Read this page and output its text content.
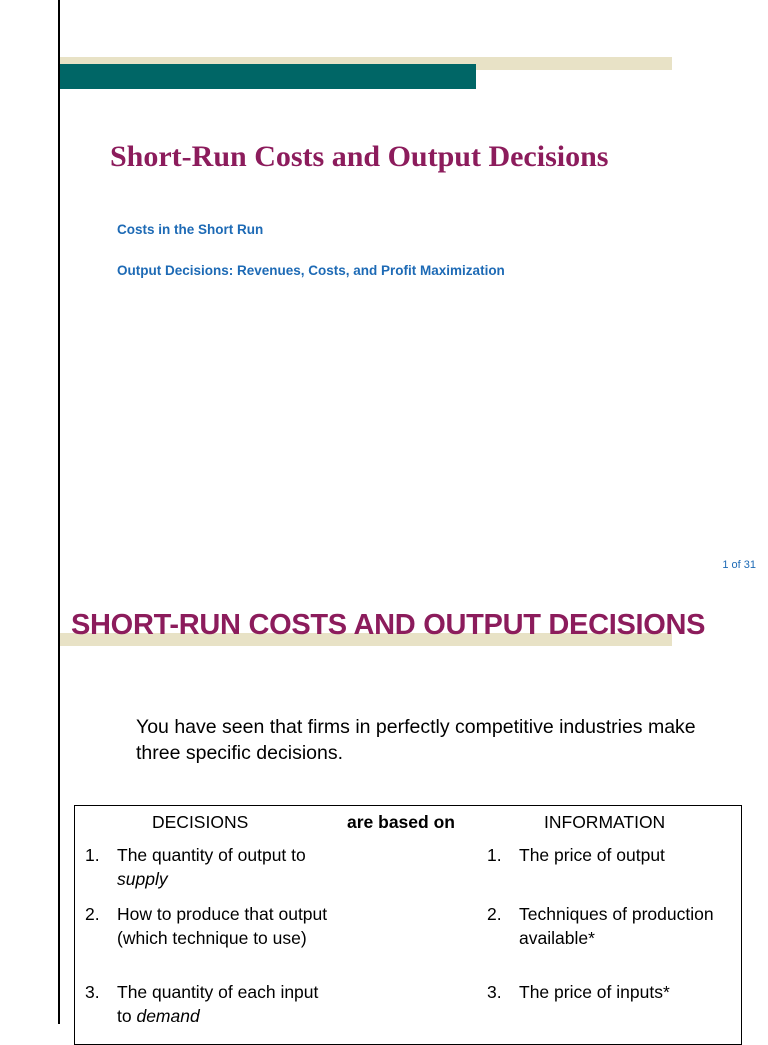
Short-Run Costs and Output Decisions
Costs in the Short Run
Output Decisions: Revenues, Costs, and Profit Maximization
1 of 31
SHORT-RUN COSTS AND OUTPUT DECISIONS

You have seen that firms in perfectly competitive industries make three specific decisions.

DECISIONS	are based on	INFORMATION
1. The quantity of output to supply
2. How to produce that output (which technique to use)
3. The quantity of each input to demand
1. The price of output
2. Techniques of production available*
3. The price of inputs*
